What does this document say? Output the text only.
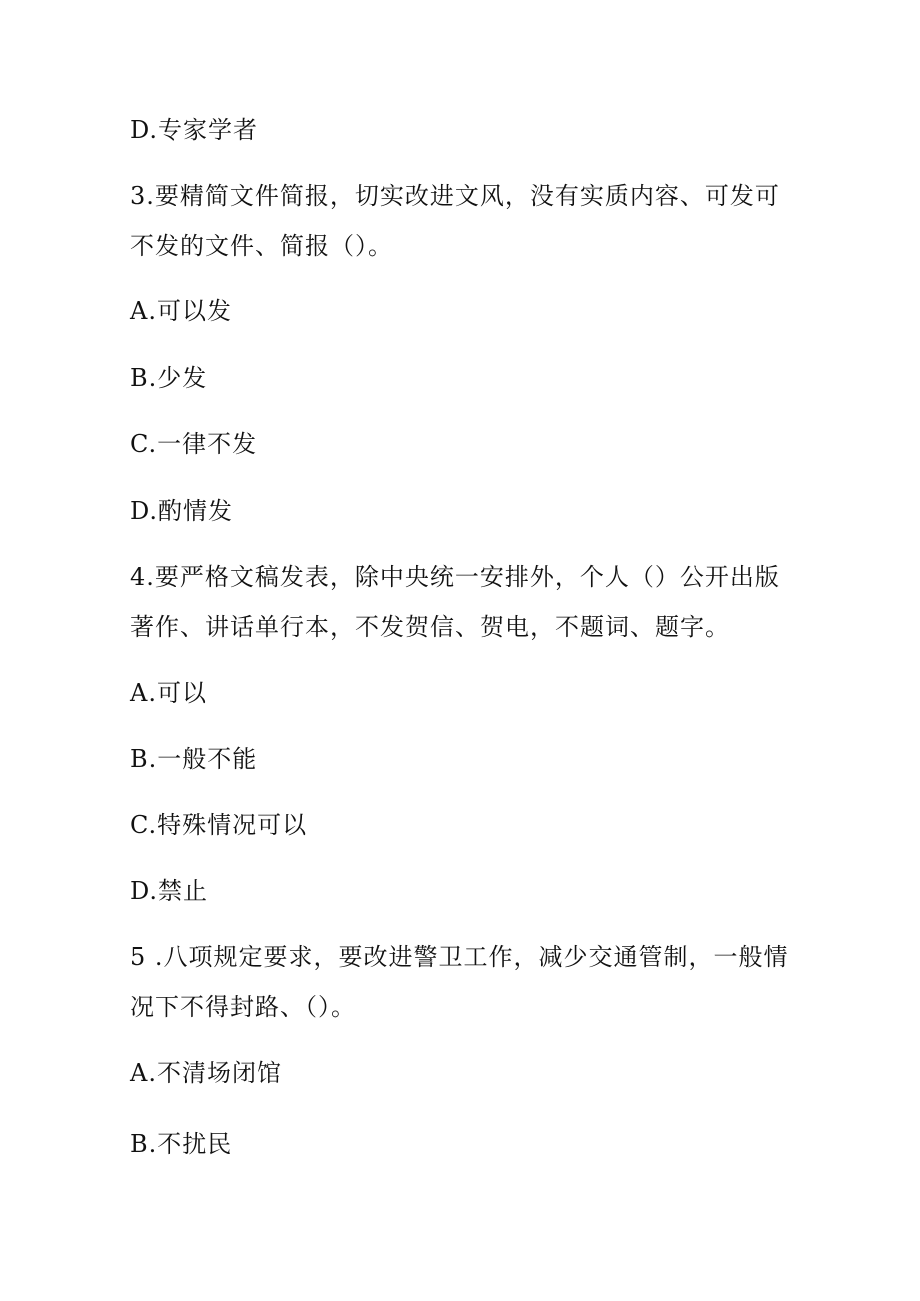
D.专家学者
3.要精简文件简报，切实改进文风，没有实质内容、可发可
不发的文件、简报（）。
A.可以发
B.少发
C.一律不发
D.酌情发
4.要严格文稿发表，除中央统一安排外，个人（）公开出版
著作、讲话单行本，不发贺信、贺电，不题词、题字。
A.可以
B.一般不能
C.特殊情况可以
D.禁止
5 .八项规定要求，要改进警卫工作，减少交通管制，一般情
况下不得封路、（）。
A.不清场闭馆
B.不扰民
